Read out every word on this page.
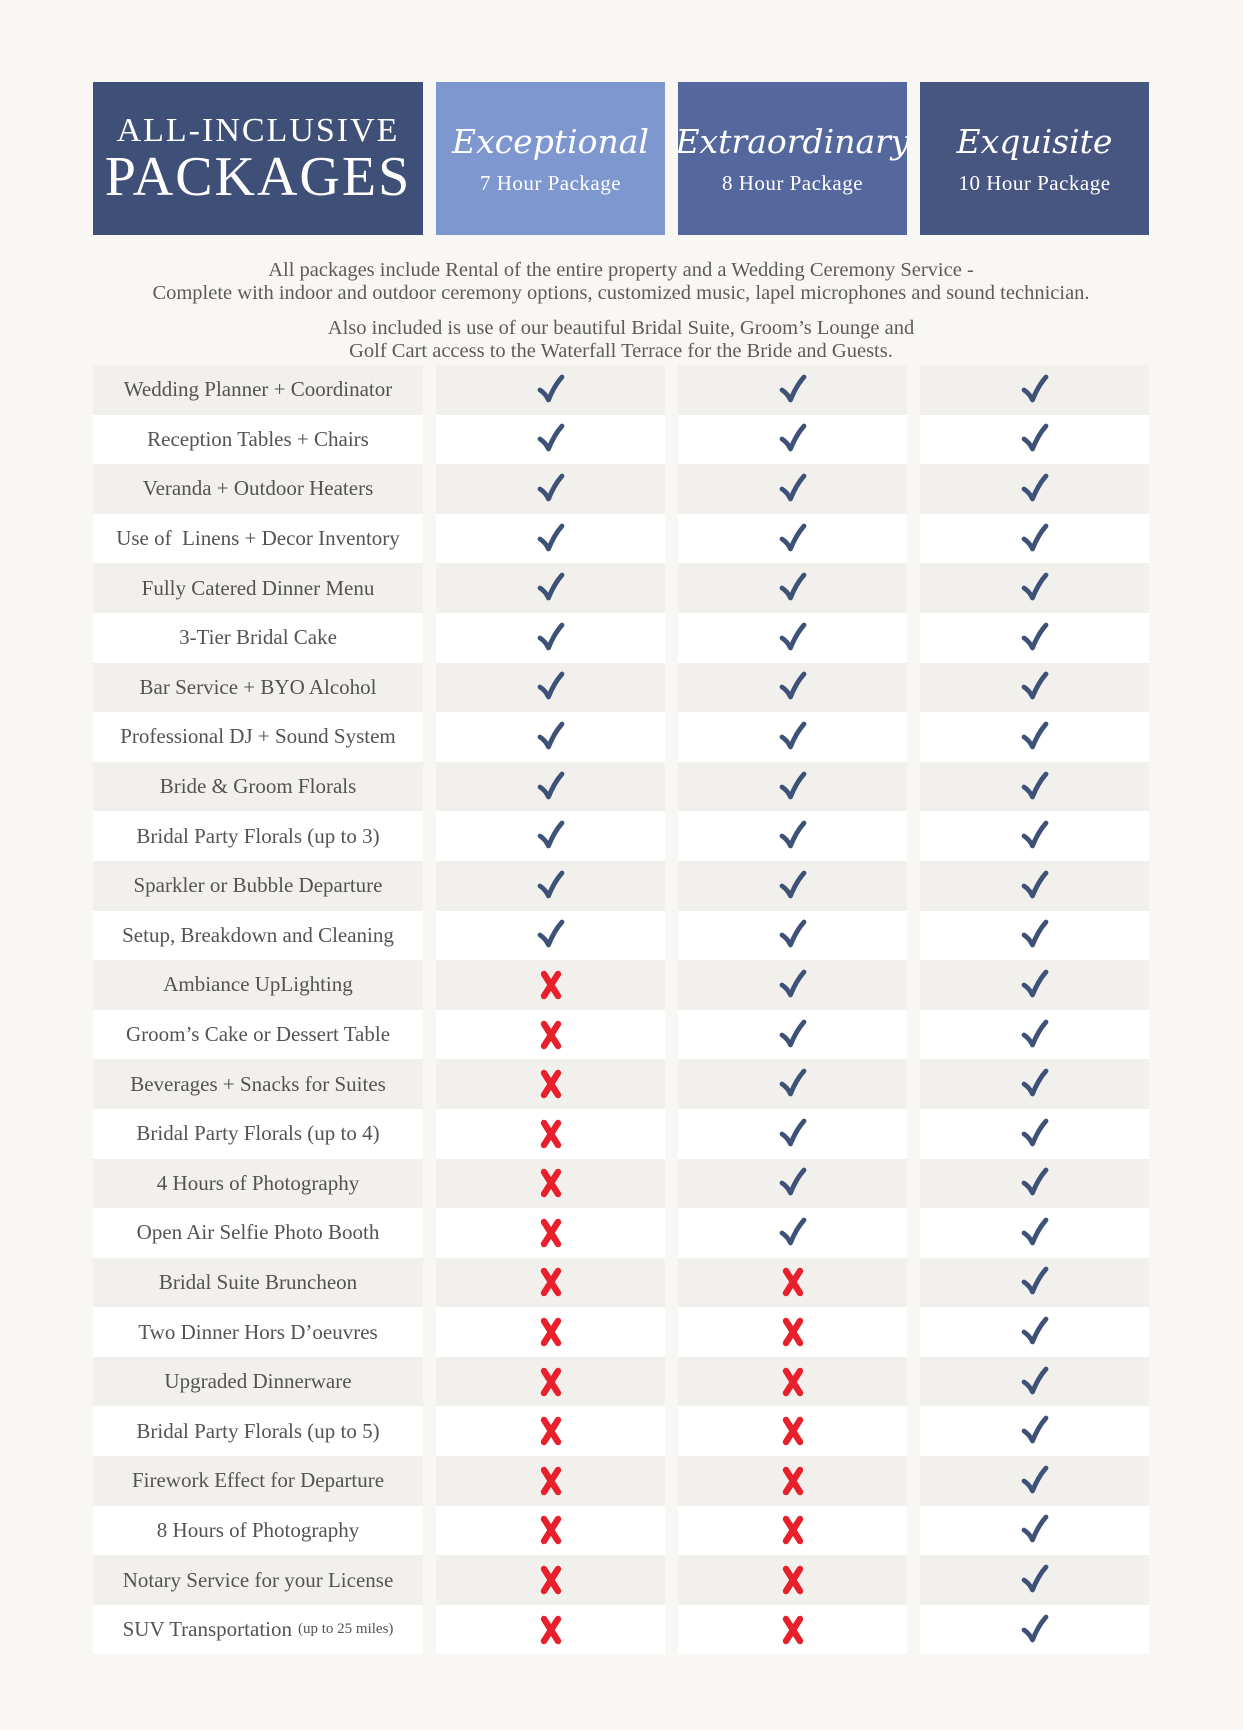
ALL-INCLUSIVE
PACKAGES
Exceptional
7 Hour Package
Extraordinary
8 Hour Package
Exquisite
10 Hour Package
All packages include Rental of the entire property and a Wedding Ceremony Service -
Complete with indoor and outdoor ceremony options, customized music, lapel microphones and sound technician.
Also included is use of our beautiful Bridal Suite, Groom’s Lounge and
Golf Cart access to the Waterfall Terrace for the Bride and Guests.
Wedding Planner + Coordinator
Reception Tables + Chairs
Veranda + Outdoor Heaters
Use of  Linens + Decor Inventory
Fully Catered Dinner Menu
3-Tier Bridal Cake
Bar Service + BYO Alcohol
Professional DJ + Sound System
Bride & Groom Florals
Bridal Party Florals (up to 3)
Sparkler or Bubble Departure
Setup, Breakdown and Cleaning
Ambiance UpLighting
Groom’s Cake or Dessert Table
Beverages + Snacks for Suites
Bridal Party Florals (up to 4)
4 Hours of Photography
Open Air Selfie Photo Booth
Bridal Suite Bruncheon
Two Dinner Hors D’oeuvres
Upgraded Dinnerware
Bridal Party Florals (up to 5)
Firework Effect for Departure
8 Hours of Photography
Notary Service for your License
SUV Transportation (up to 25 miles)
